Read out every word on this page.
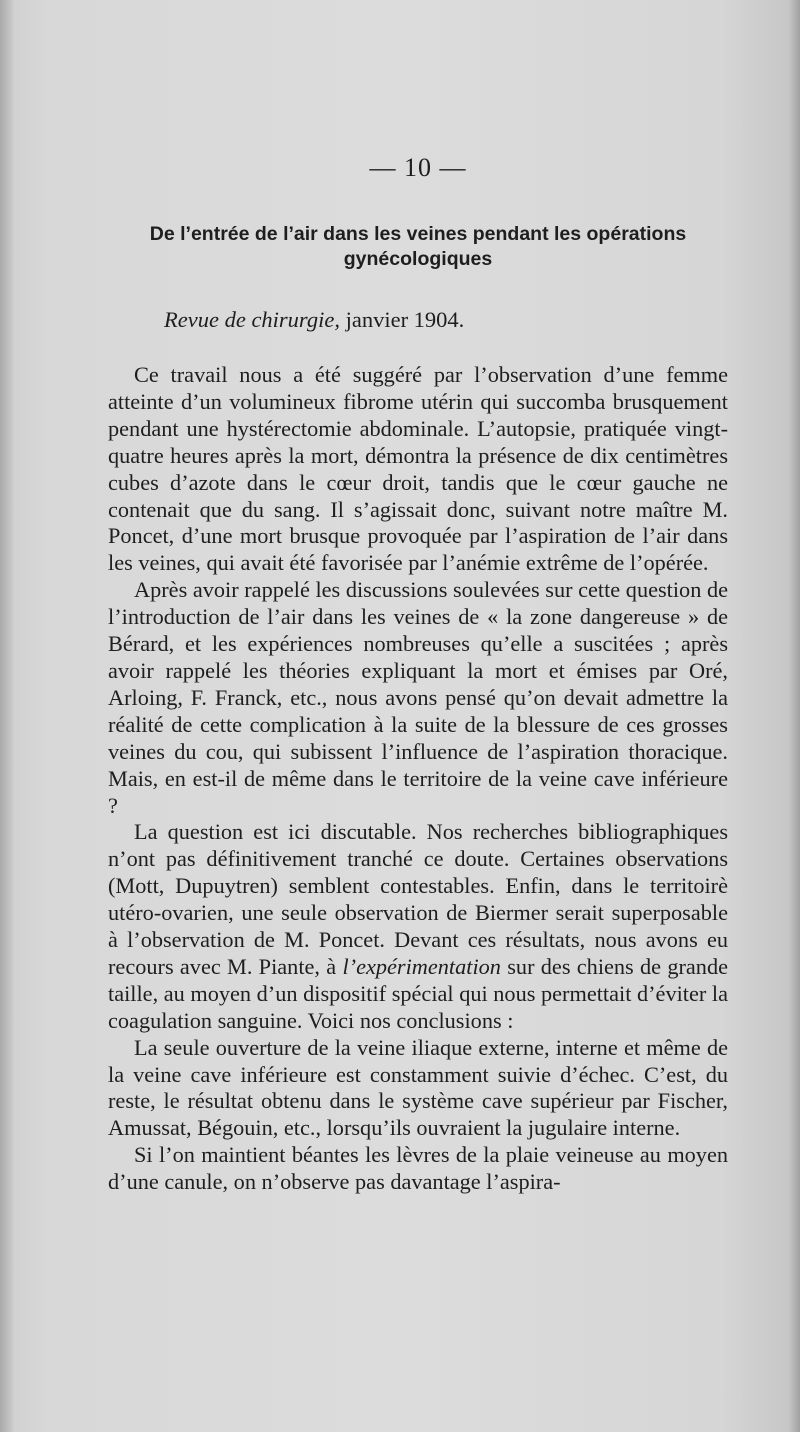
— 10 —

De l’entrée de l’air dans les veines pendant les opérations gynécologiques

Revue de chirurgie, janvier 1904.

Ce travail nous a été suggéré par l’observation d’une femme atteinte d’un volumineux fibrome utérin qui succomba brusquement pendant une hystérectomie abdominale. L’autopsie, pratiquée vingt-quatre heures après la mort, démontra la présence de dix centimètres cubes d’azote dans le cœur droit, tandis que le cœur gauche ne contenait que du sang. Il s’agissait donc, suivant notre maître M. Poncet, d’une mort brusque provoquée par l’aspiration de l’air dans les veines, qui avait été favorisée par l’anémie extrême de l’opérée.

Après avoir rappelé les discussions soulevées sur cette question de l’introduction de l’air dans les veines de « la zone dangereuse » de Bérard, et les expériences nombreuses qu’elle a suscitées ; après avoir rappelé les théories expliquant la mort et émises par Oré, Arloing, F. Franck, etc., nous avons pensé qu’on devait admettre la réalité de cette complication à la suite de la blessure de ces grosses veines du cou, qui subissent l’influence de l’aspiration thoracique. Mais, en est-il de même dans le territoire de la veine cave inférieure ?

La question est ici discutable. Nos recherches bibliographiques n’ont pas définitivement tranché ce doute. Certaines observations (Mott, Dupuytren) semblent contestables. Enfin, dans le territoirè utéro-ovarien, une seule observation de Biermer serait superposable à l’observation de M. Poncet. Devant ces résultats, nous avons eu recours avec M. Piante, à l’expérimentation sur des chiens de grande taille, au moyen d’un dispositif spécial qui nous permettait d’éviter la coagulation sanguine. Voici nos conclusions :

La seule ouverture de la veine iliaque externe, interne et même de la veine cave inférieure est constamment suivie d’échec. C’est, du reste, le résultat obtenu dans le système cave supérieur par Fischer, Amussat, Bégouin, etc., lorsqu’ils ouvraient la jugulaire interne.

Si l’on maintient béantes les lèvres de la plaie veineuse au moyen d’une canule, on n’observe pas davantage l’aspira-
